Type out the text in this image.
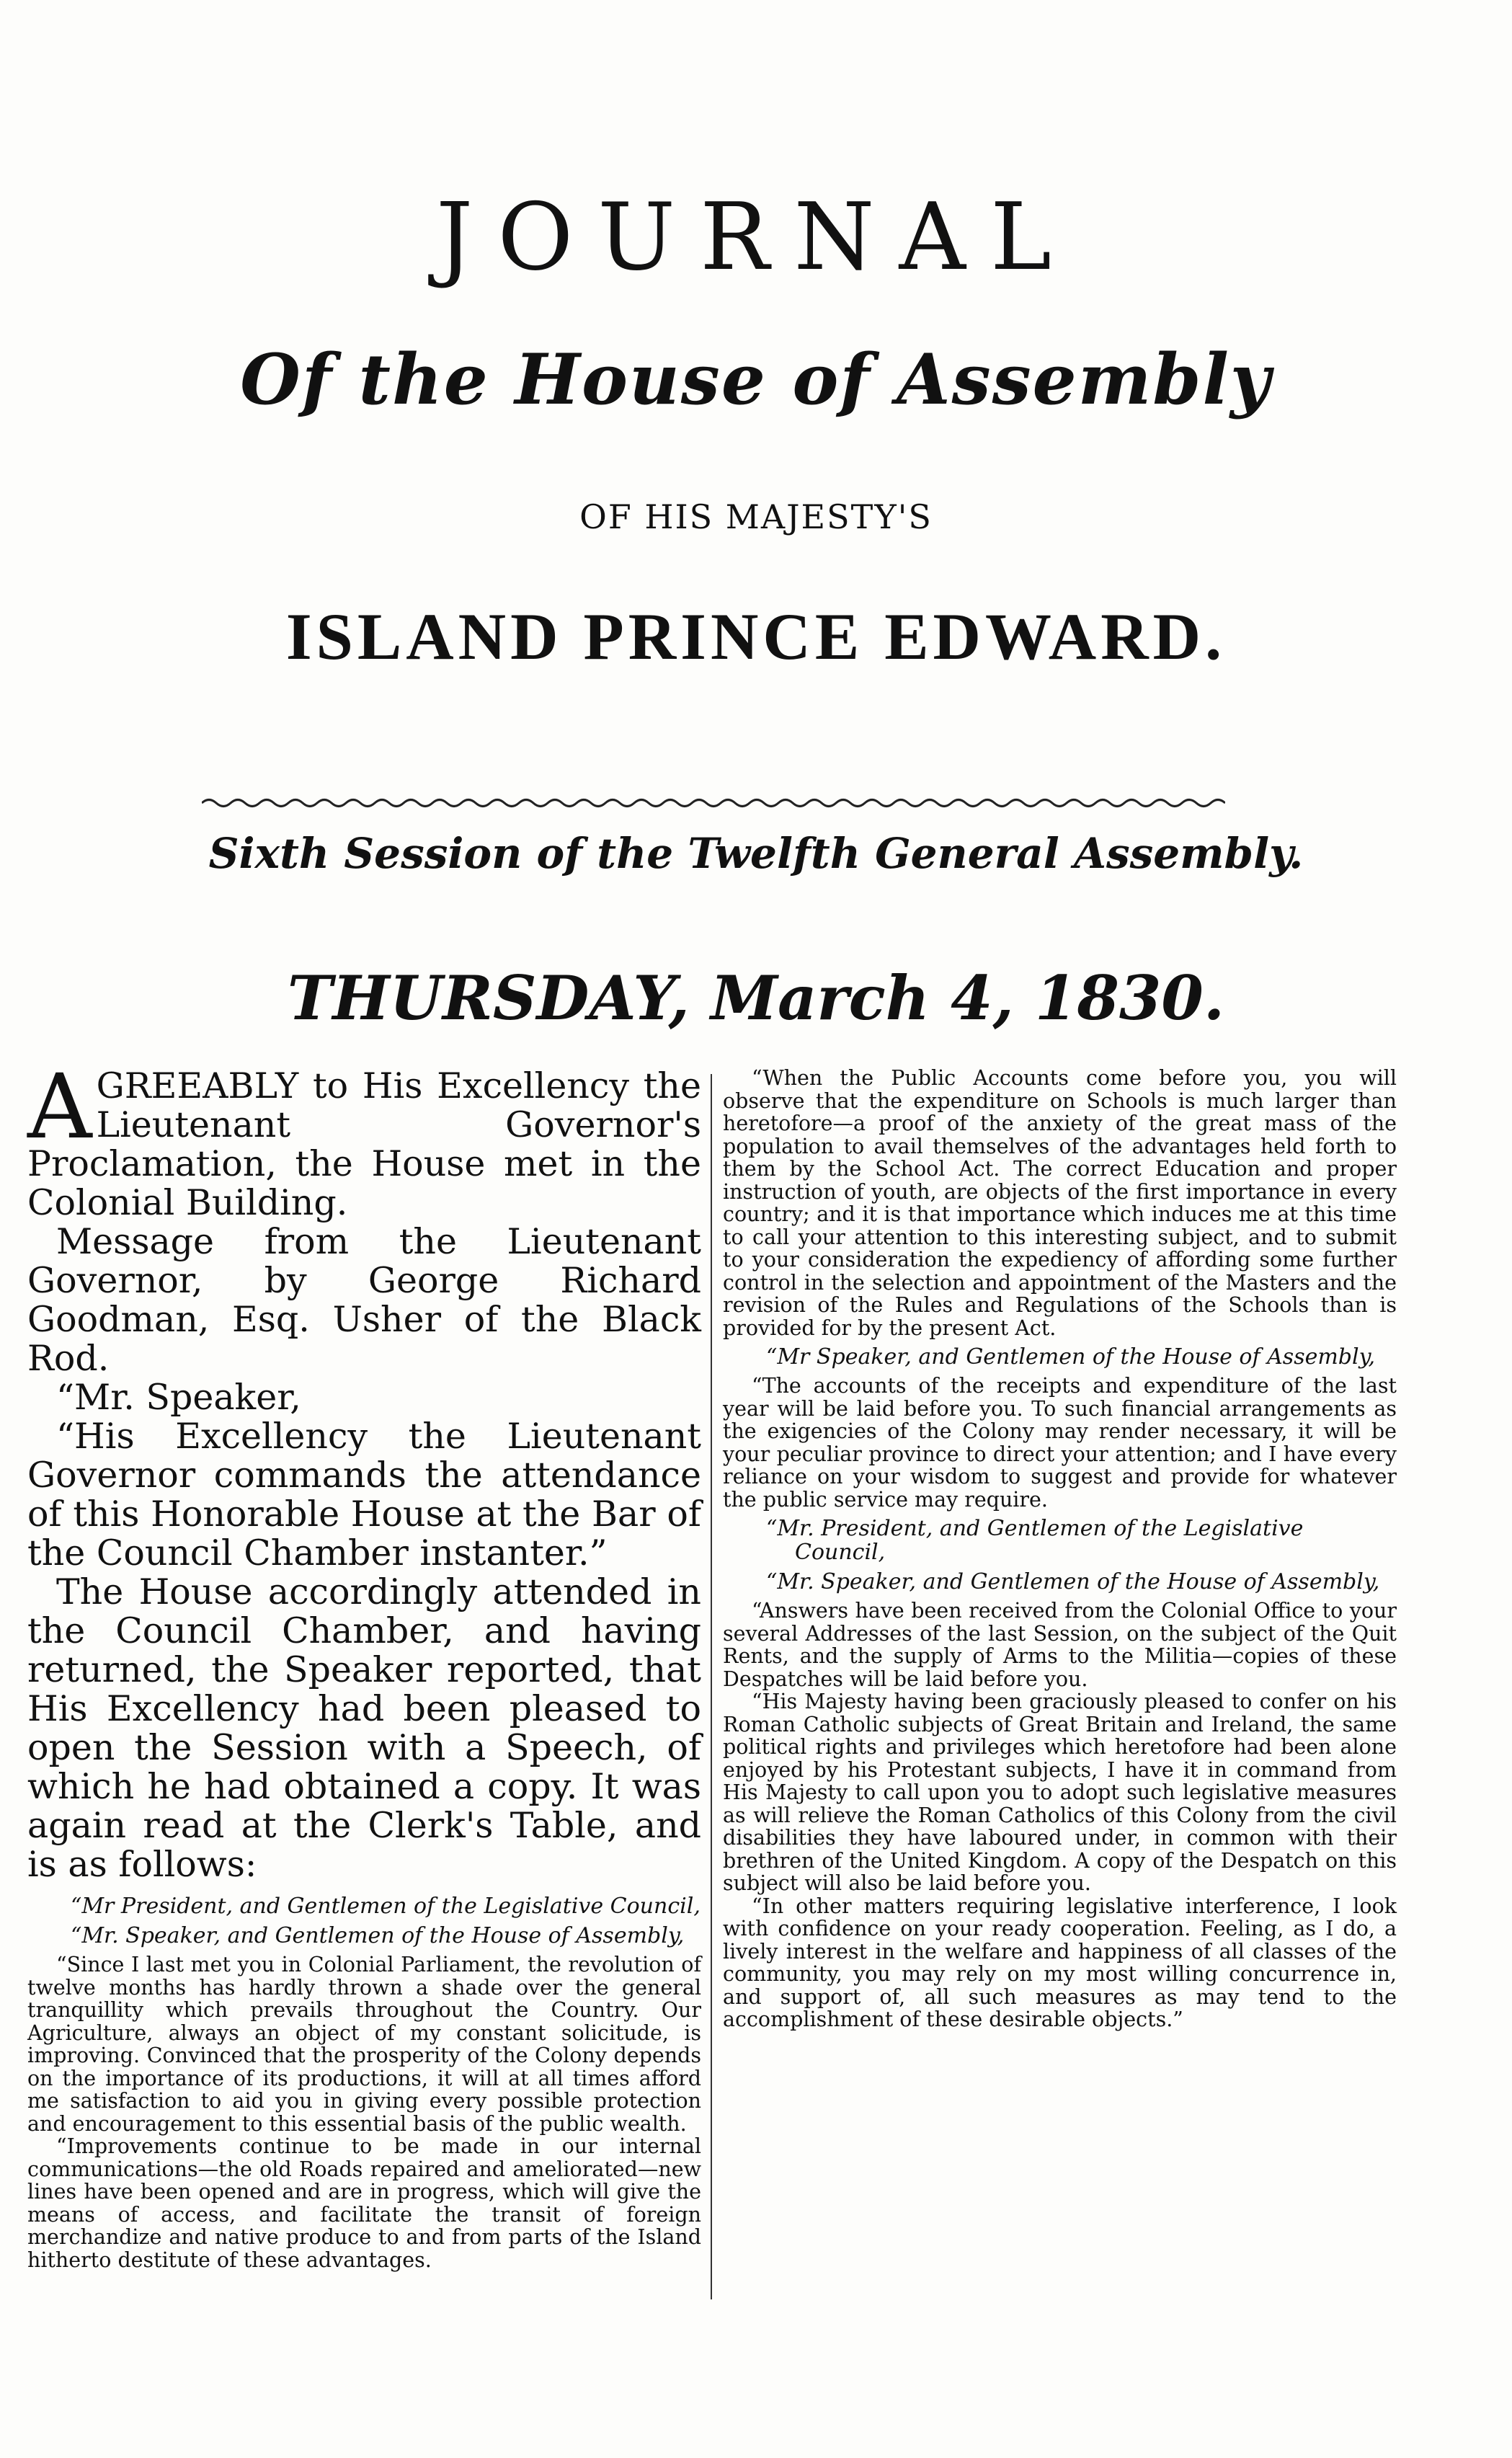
JOURNAL
Of the House of Assembly
OF HIS MAJESTY'S
ISLAND PRINCE EDWARD.
Sixth Session of the Twelfth General Assembly.
THURSDAY, March 4, 1830.

AGREEABLY to His Excellency the Lieutenant Governor's Proclamation, the House met in the Colonial Building.

Message from the Lieutenant Governor, by George Richard Goodman, Esq. Usher of the Black Rod.

“Mr. Speaker,

“His Excellency the Lieutenant Governor commands the attendance of this Honorable House at the Bar of the Council Chamber instanter.”

The House accordingly attended in the Council Chamber, and having returned, the Speaker reported, that His Excellency had been pleased to open the Session with a Speech, of which he had obtained a copy. It was again read at the Clerk's Table, and is as follows:

“Mr President, and Gentlemen of the Legislative Council,

“Mr. Speaker, and Gentlemen of the House of Assembly,

“Since I last met you in Colonial Parliament, the revolution of twelve months has hardly thrown a shade over the general tranquillity which prevails throughout the Country. Our Agriculture, always an object of my constant solicitude, is improving. Convinced that the prosperity of the Colony depends on the importance of its productions, it will at all times afford me satisfaction to aid you in giving every possible protection and encouragement to this essential basis of the public wealth.

“Improvements continue to be made in our internal communications—the old Roads repaired and ameliorated—new lines have been opened and are in progress, which will give the means of access, and facilitate the transit of foreign merchandize and native produce to and from parts of the Island hitherto destitute of these advantages.

“When the Public Accounts come before you, you will observe that the expenditure on Schools is much larger than heretofore—a proof of the anxiety of the great mass of the population to avail themselves of the advantages held forth to them by the School Act. The correct Education and proper instruction of youth, are objects of the first importance in every country; and it is that importance which induces me at this time to call your attention to this interesting subject, and to submit to your consideration the expediency of affording some further control in the selection and appointment of the Masters and the revision of the Rules and Regulations of the Schools than is provided for by the present Act.

“Mr Speaker, and Gentlemen of the House of Assembly,

“The accounts of the receipts and expenditure of the last year will be laid before you. To such financial arrangements as the exigencies of the Colony may render necessary, it will be your peculiar province to direct your attention; and I have every reliance on your wisdom to suggest and provide for whatever the public service may require.

“Mr. President, and Gentlemen of the Legislative Council,

“Mr. Speaker, and Gentlemen of the House of Assembly,

“Answers have been received from the Colonial Office to your several Addresses of the last Session, on the subject of the Quit Rents, and the supply of Arms to the Militia—copies of these Despatches will be laid before you.

“His Majesty having been graciously pleased to confer on his Roman Catholic subjects of Great Britain and Ireland, the same political rights and privileges which heretofore had been alone enjoyed by his Protestant subjects, I have it in command from His Majesty to call upon you to adopt such legislative measures as will relieve the Roman Catholics of this Colony from the civil disabilities they have laboured under, in common with their brethren of the United Kingdom. A copy of the Despatch on this subject will also be laid before you.

“In other matters requiring legislative interference, I look with confidence on your ready cooperation. Feeling, as I do, a lively interest in the welfare and happiness of all classes of the community, you may rely on my most willing concurrence in, and support of, all such measures as may tend to the accomplishment of these desirable objects.”
